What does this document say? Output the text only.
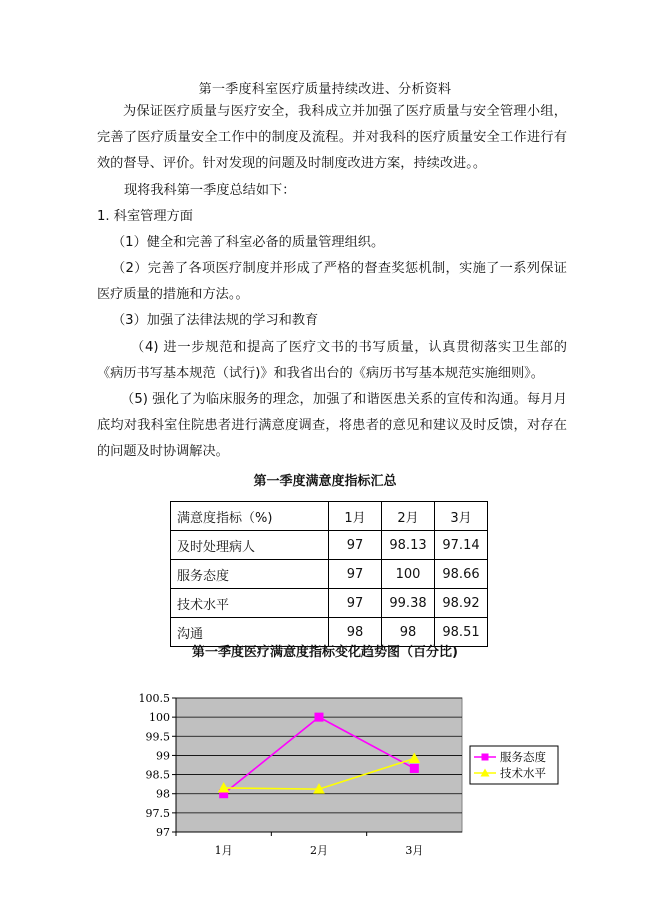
第一季度科室医疗质量持续改进、分析资料

为保证医疗质量与医疗安全，我科成立并加强了医疗质量与安全管理小组，完善了医疗质量安全工作中的制度及流程。并对我科的医疗质量安全工作进行有效的督导、评价。针对发现的问题及时制度改进方案，持续改进。。

现将我科第一季度总结如下：
1. 科室管理方面
（1）健全和完善了科室必备的质量管理组织。

（2）完善了各项医疗制度并形成了严格的督查奖惩机制，实施了一系列保证医疗质量的措施和方法。。

（3）加强了法律法规的学习和教育

（4) 进一步规范和提高了医疗文书的书写质量，认真贯彻落实卫生部的《病历书写基本规范（试行)》和我省出台的《病历书写基本规范实施细则》。

（5) 强化了为临床服务的理念，加强了和谐医患关系的宣传和沟通。每月月底均对我科室住院患者进行满意度调查，将患者的意见和建议及时反馈，对存在的问题及时协调解决。

第一季度满意度指标汇总
满意度指标（%)	1月	2月	3月
及时处理病人	97	98.13	97.14
服务态度	97	100	98.66
技术水平	97	99.38	98.92
沟通	98	98	98.51
第一季度医疗满意度指标变化趋势图（百分比)
97
97.5
98
98.5
99
99.5
100
100.5
1月	2月	3月
服务态度
技术水平
